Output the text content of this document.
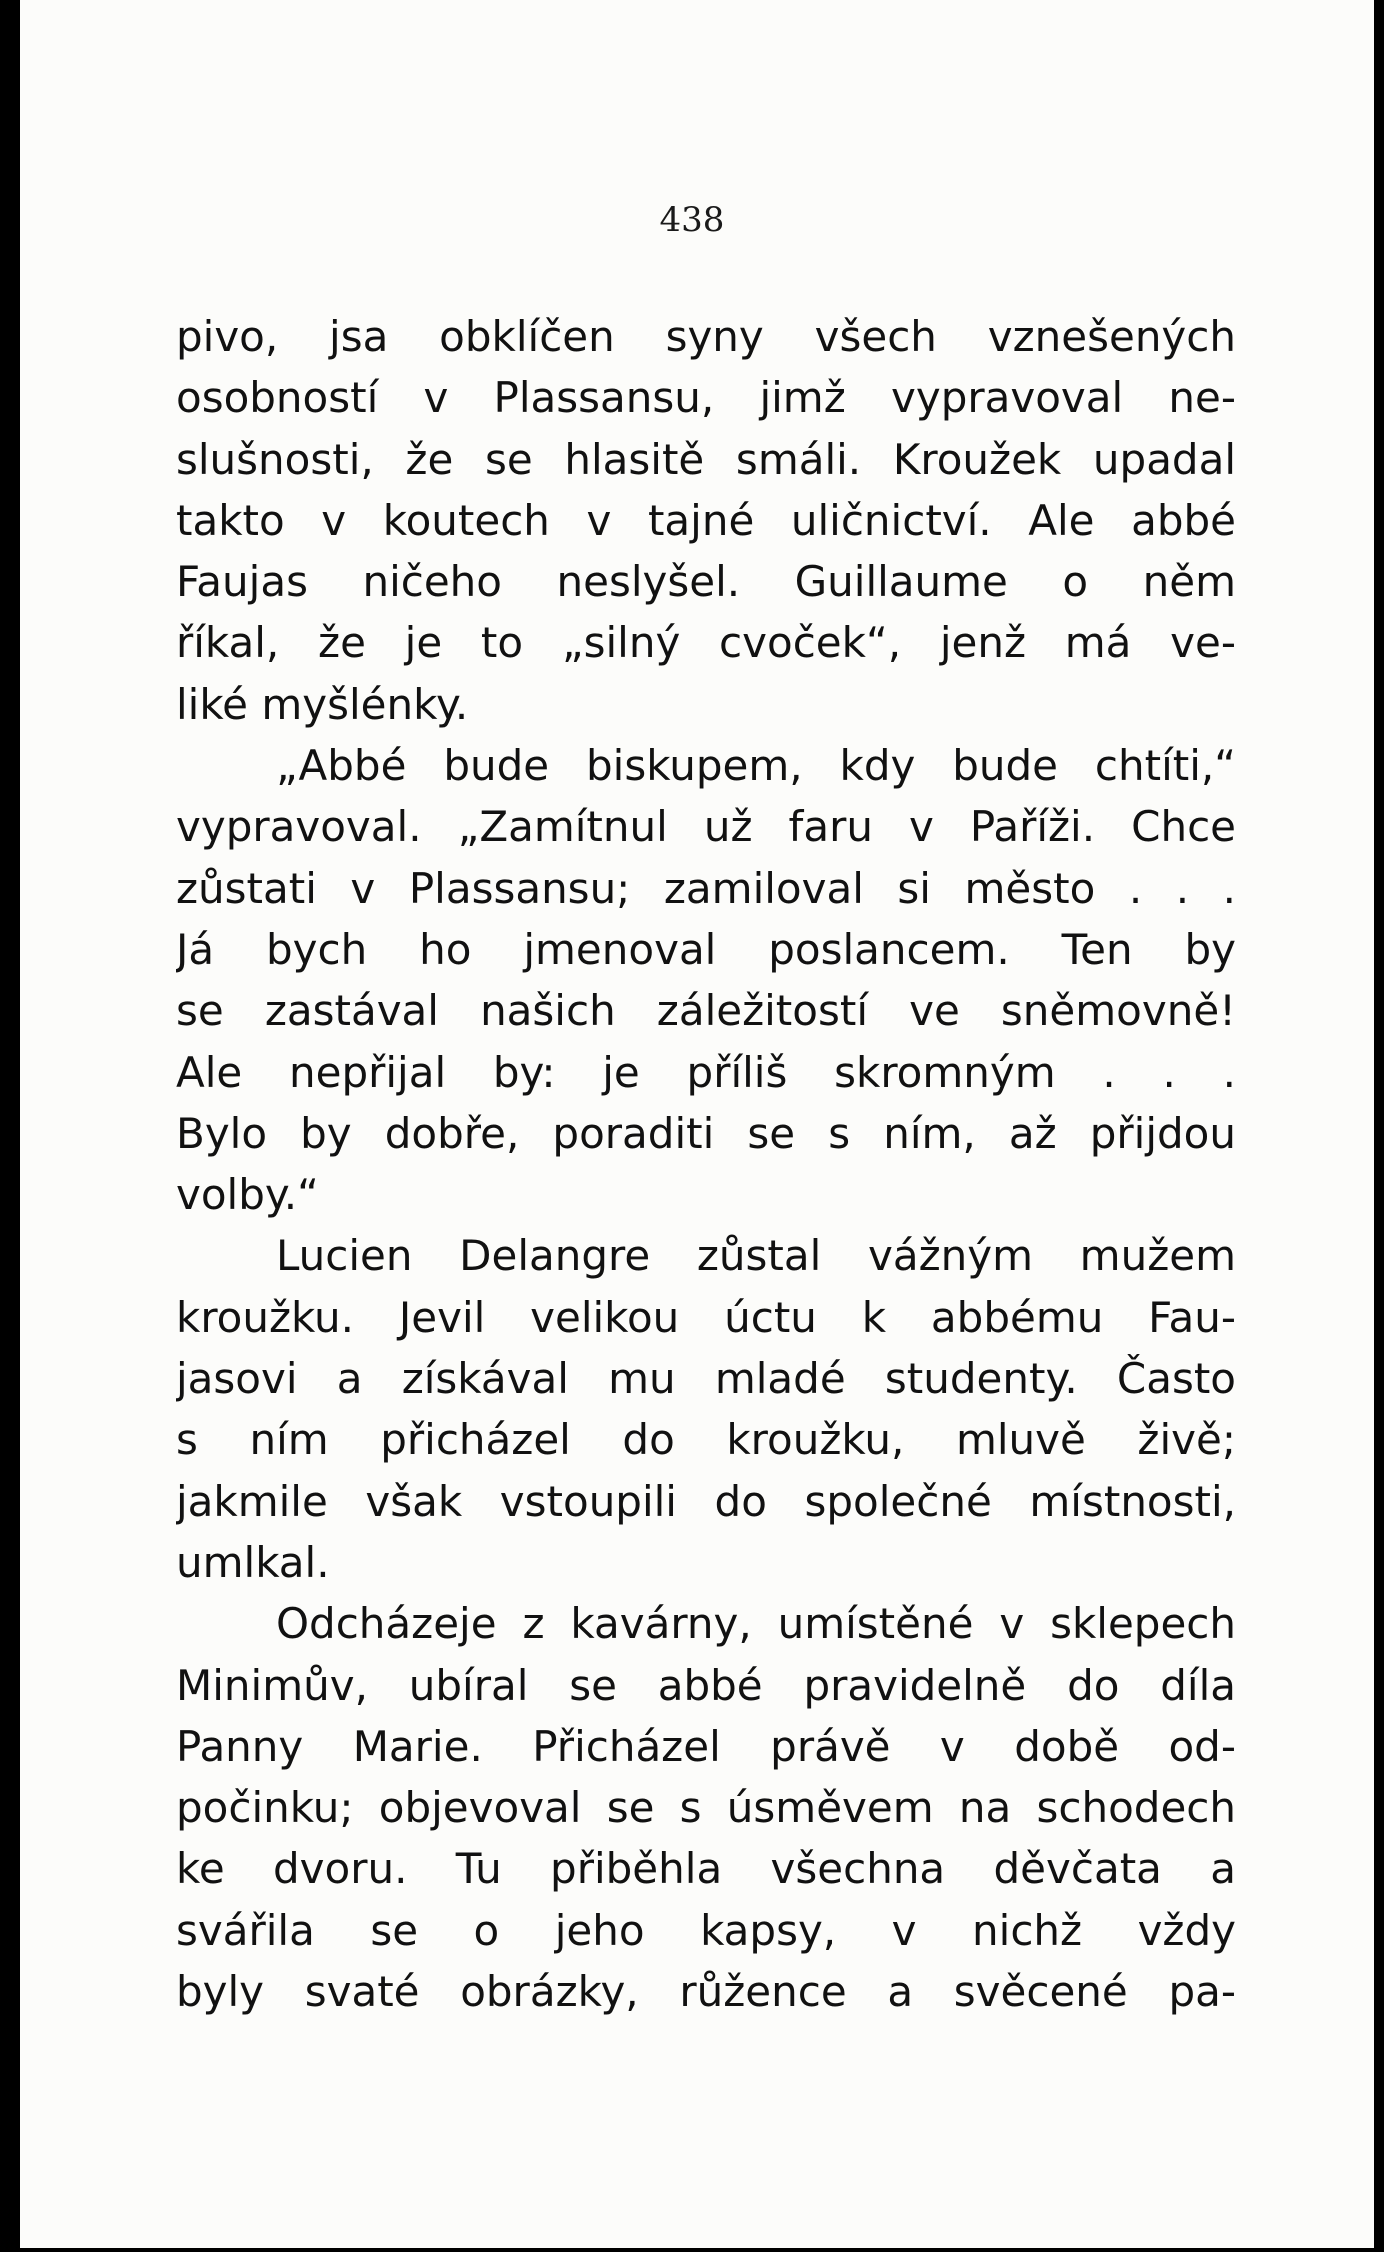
438
pivo, jsa obklíčen syny všech vznešených
osobností v Plassansu, jimž vypravoval ne-
slušnosti, že se hlasitě smáli. Kroužek upadal
takto v koutech v tajné uličnictví. Ale abbé
Faujas ničeho neslyšel. Guillaume o něm
říkal, že je to „silný cvoček“, jenž má ve-
liké myšlénky.
„Abbé bude biskupem, kdy bude chtíti,“
vypravoval. „Zamítnul už faru v Paříži. Chce
zůstati v Plassansu; zamiloval si město . . .
Já bych ho jmenoval poslancem. Ten by
se zastával našich záležitostí ve sněmovně!
Ale nepřijal by: je příliš skromným . . .
Bylo by dobře, poraditi se s ním, až přijdou
volby.“
Lucien Delangre zůstal vážným mužem
kroužku. Jevil velikou úctu k abbému Fau-
jasovi a získával mu mladé studenty. Často
s ním přicházel do kroužku, mluvě živě;
jakmile však vstoupili do společné místnosti,
umlkal.
Odcházeje z kavárny, umístěné v sklepech
Minimův, ubíral se abbé pravidelně do díla
Panny Marie. Přicházel právě v době od-
počinku; objevoval se s úsměvem na schodech
ke dvoru. Tu přiběhla všechna děvčata a
svářila se o jeho kapsy, v nichž vždy
byly svaté obrázky, růžence a svěcené pa-
